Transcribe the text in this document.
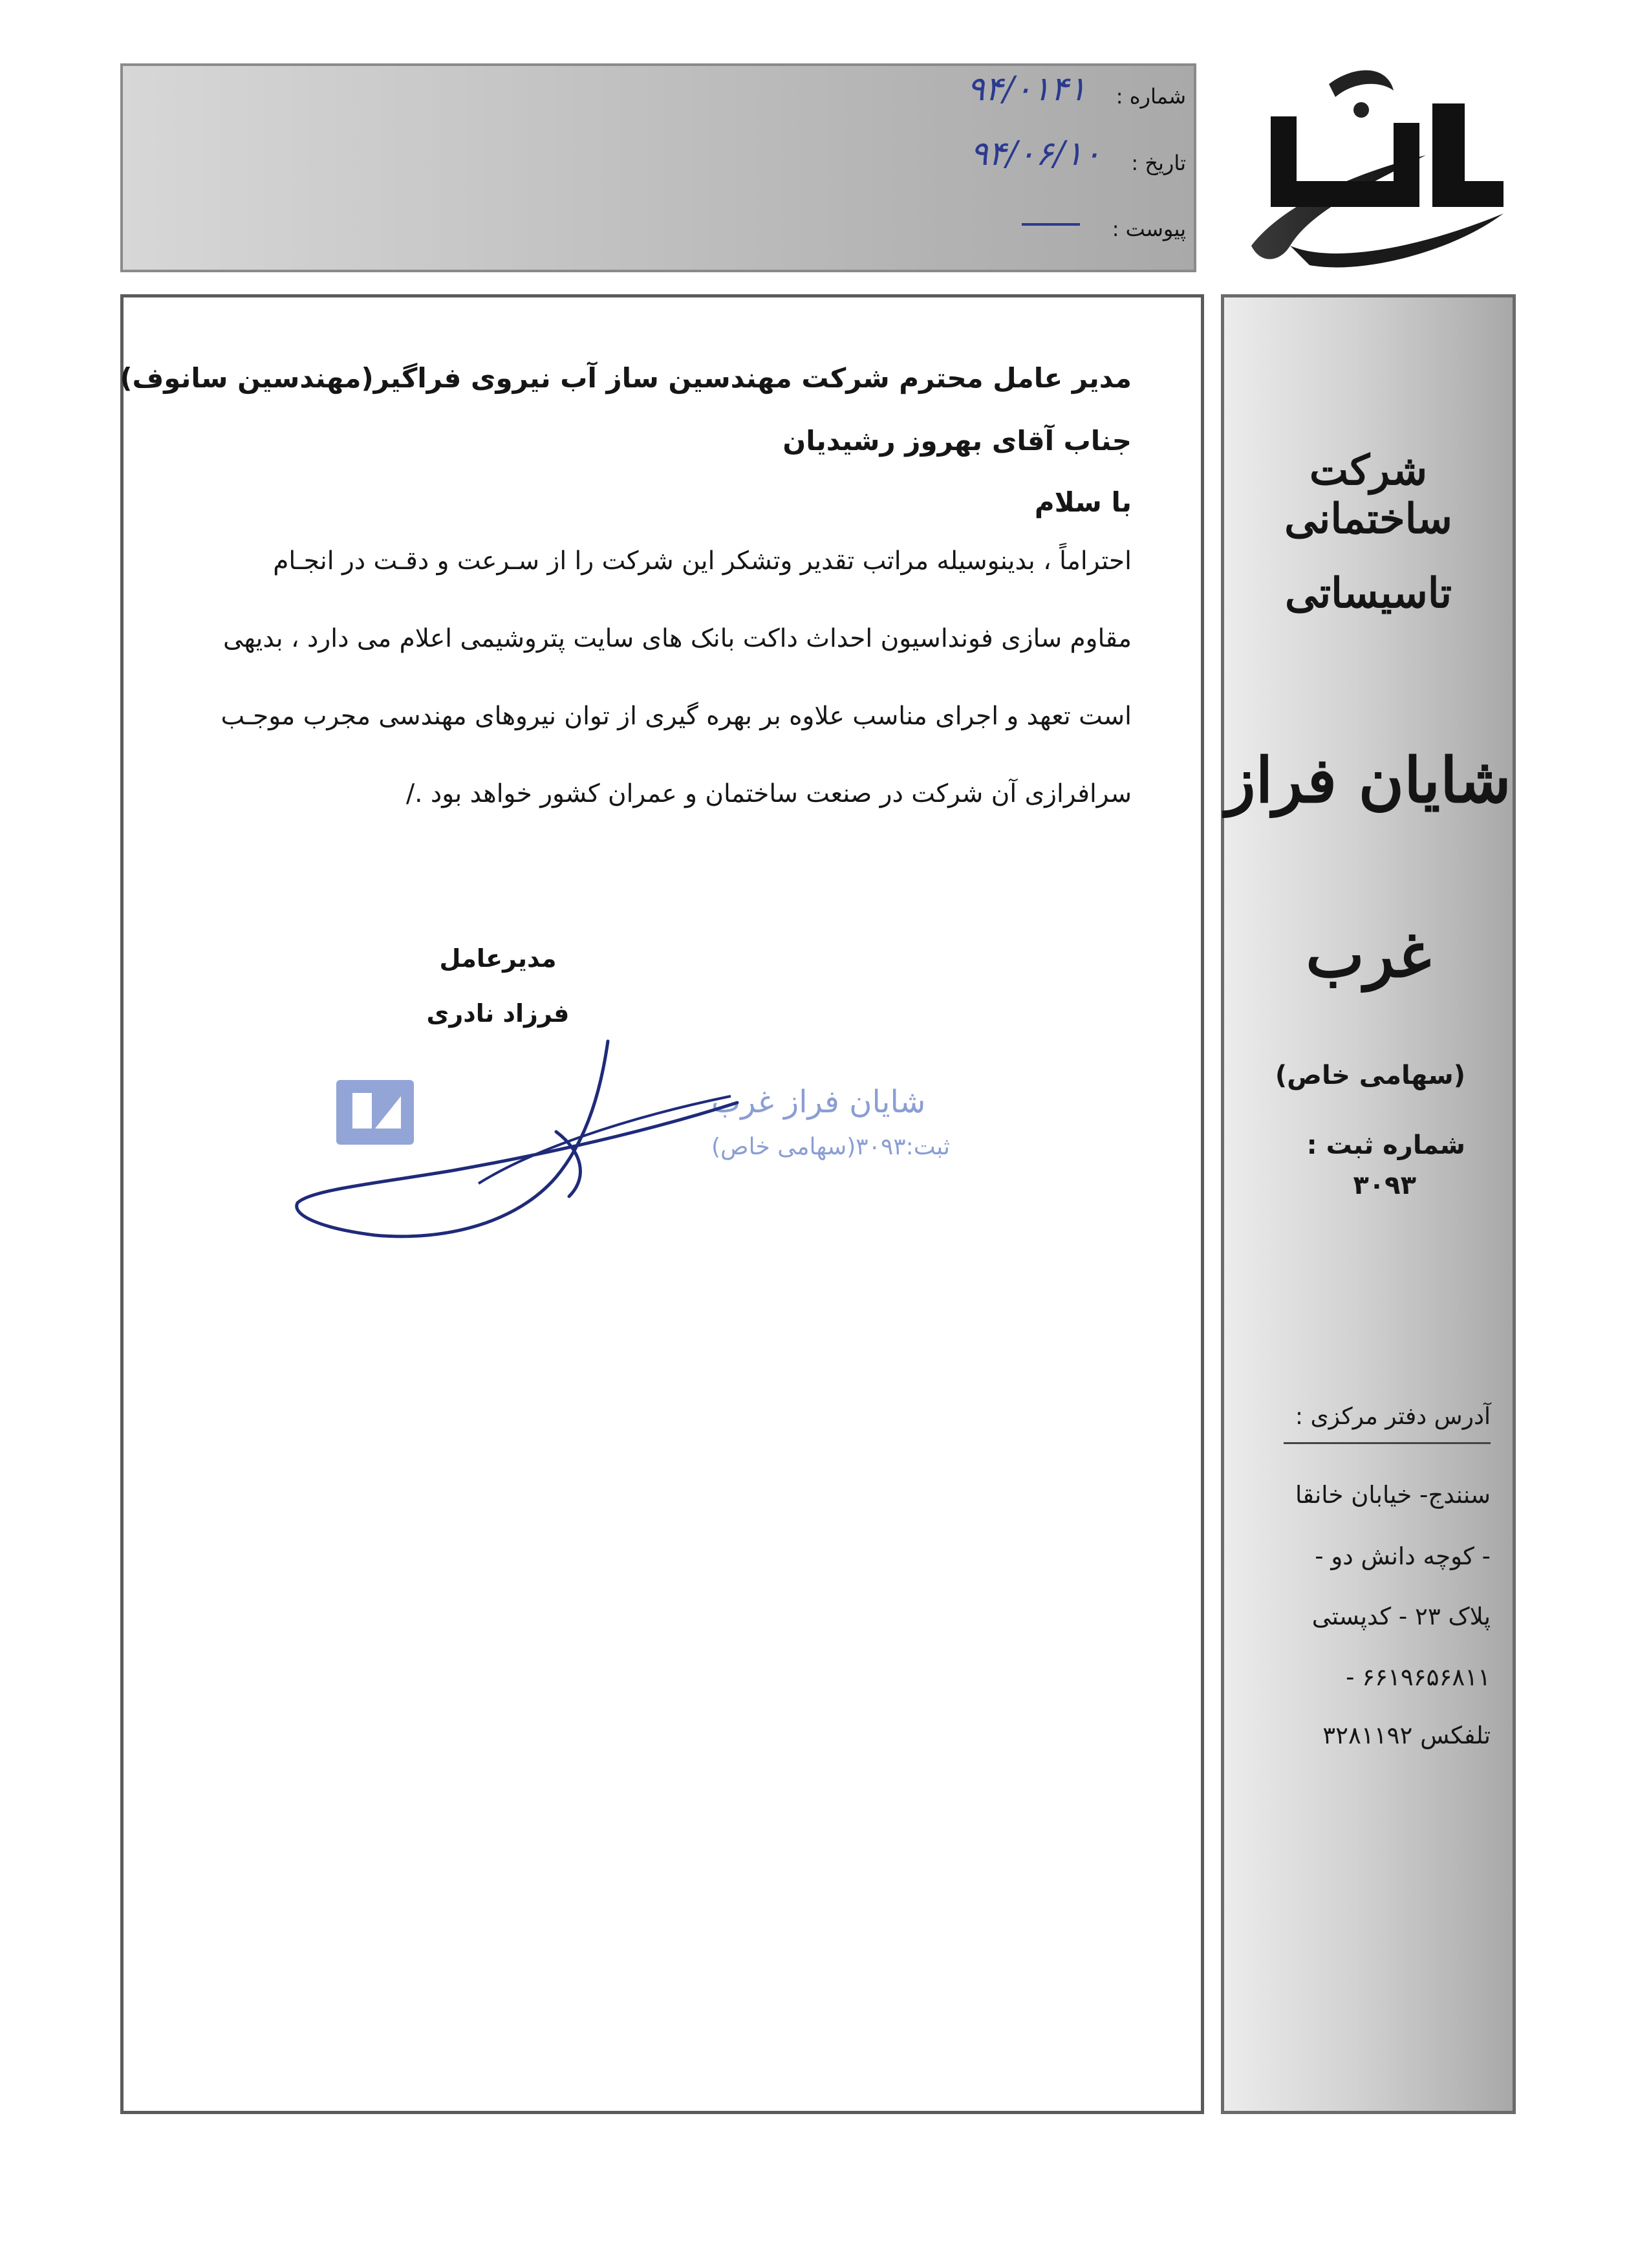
شماره :
۹۴/۰۱۴۱
تاریخ :
۹۴/۰۶/۱۰
پیوست :
شرکت ساختمانی
تاسیساتی
شایان فراز
غرب
(سهامی خاص)
شماره ثبت :
۳۰۹۳
آدرس دفتر مرکزی :
سنندج- خیابان خانقا
- کوچه دانش دو -
پلاک ۲۳ - کدپستی
۶۶۱۹۶۵۶۸۱۱ -
تلفکس ۳۲۸۱۱۹۲
مدیر عامل محترم شرکت مهندسین ساز آب نیروی فراگیر(مهندسین سانوف)
جناب آقای بهروز رشیدیان
با سلام
احتراماً ، بدینوسیله مراتب تقدیر وتشکر این شرکت را از سـرعت و دقـت در انجـام
مقاوم سازی فونداسیون احداث داکت بانک های سایت پتروشیمی اعلام می دارد ، بدیهی
است تعهد و اجرای مناسب علاوه بر بهره گیری از توان نیروهای مهندسی مجرب موجـب
سرافرازی آن شرکت در صنعت ساختمان و عمران کشور خواهد بود ./
مدیرعامل
فرزاد نادری
شایان فراز غرب
ثبت:۳۰۹۳(سهامی خاص)
